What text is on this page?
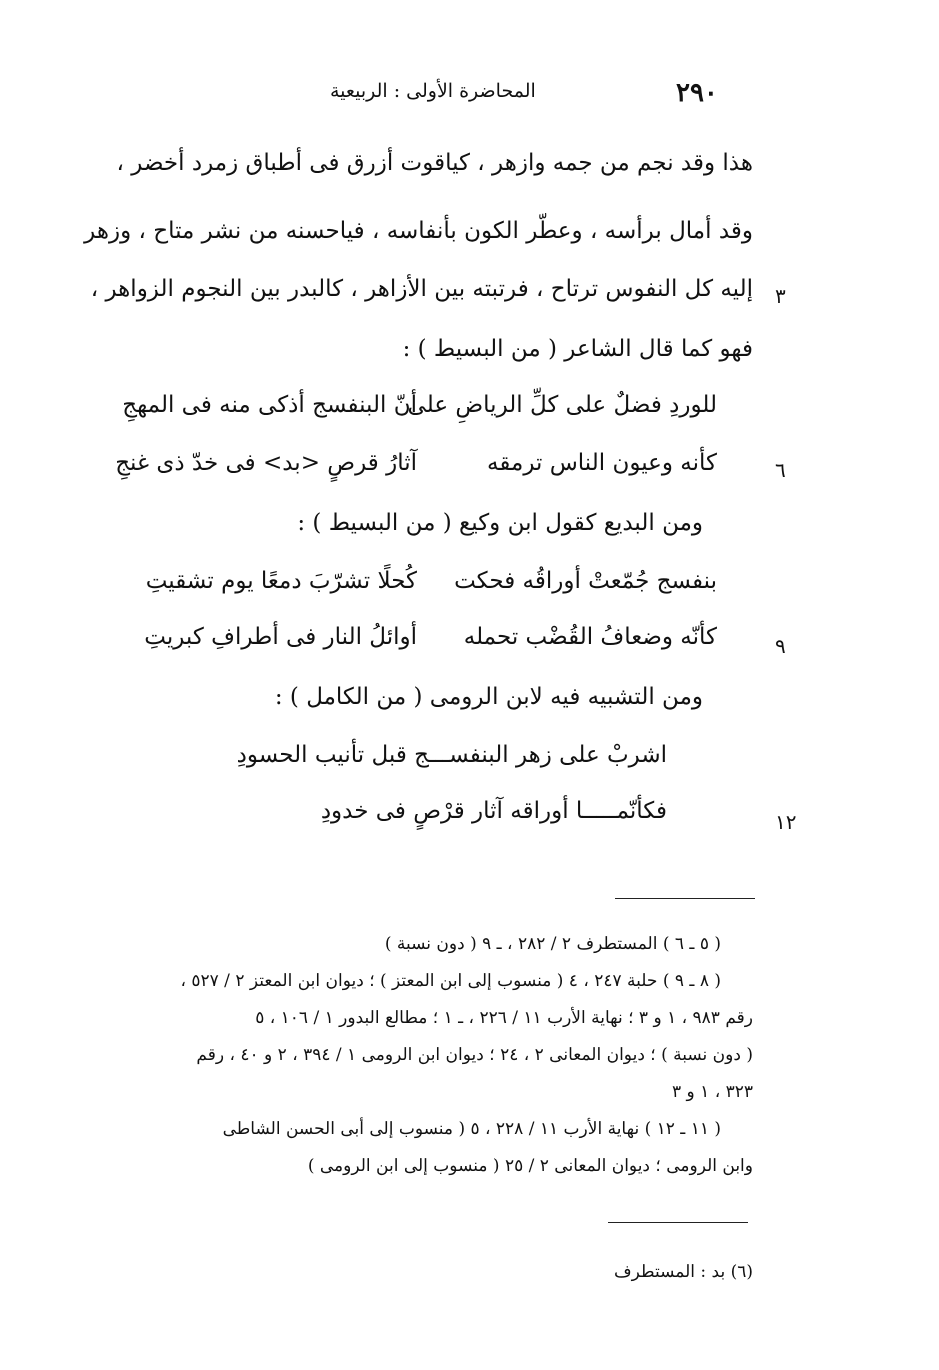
٢٩٠
المحاضرة الأولى : الربيعية
هذا وقد نجم من جمه وازهر ، كياقوت أزرق فى أطباق زمرد أخضر ،
وقد أمال برأسه ، وعطّر الكون بأنفاسه ، فياحسنه من نشر متاح ، وزهر
إليه كل النفوس ترتاح ، فرتبته بين الأزاهر ، كالبدر بين النجوم الزواهر ، ٣
فهو كما قال الشاعر ( من البسيط ) :
للوردِ فضلٌ على كلِّ الرياضِ على
أنّ البنفسج أذكى منه فى المهجِ
كأنه وعيون الناس ترمقه
آثارُ قرصٍ <بد> فى خدّ ذى غنجِ	٦
ومن البديع كقول ابن وكيع ( من البسيط ) :
بنفسج جُمّعتْ أوراقُه فحكت
كُحلًا تشرّبَ دمعًا يوم تشقيتِ
كأنّه وضعافُ القُضْب تحمله
أوائلُ النار فى أطرافِ كبريتِ	٩
ومن التشبيه فيه لابن الرومى ( من الكامل ) :
اشربْ على زهر البنفســـج قبل تأنيب الحسودِ
فكأنّمـــــا أوراقه آثار قرْصٍ فى خدودِ	١٢
( ٥ ـ ٦ ) المستطرف ٢ / ٢٨٢ ، ـ ٩ ( دون نسبة )
( ٨ ـ ٩ ) حلبة ٢٤٧ ، ٤ ( منسوب إلى ابن المعتز ) ؛ ديوان ابن المعتز ٢ / ٥٢٧ ،
رقم ٩٨٣ ، ١ و ٣ ؛ نهاية الأرب ١١ / ٢٢٦ ، ـ ١ ؛ مطالع البدور ١ / ١٠٦ ، ٥
( دون نسبة ) ؛ ديوان المعانى ٢ ، ٢٤ ؛ ديوان ابن الرومى ١ / ٣٩٤ ، ٢ و ٤٠ ، رقم
٣٢٣ ، ١ و ٣
( ١١ ـ ١٢ ) نهاية الأرب ١١ / ٢٢٨ ، ٥ ( منسوب إلى أبى الحسن الشاطى
وابن الرومى ؛ ديوان المعانى ٢ / ٢٥ ( منسوب إلى ابن الرومى )
(٦) بد : المستطرف
